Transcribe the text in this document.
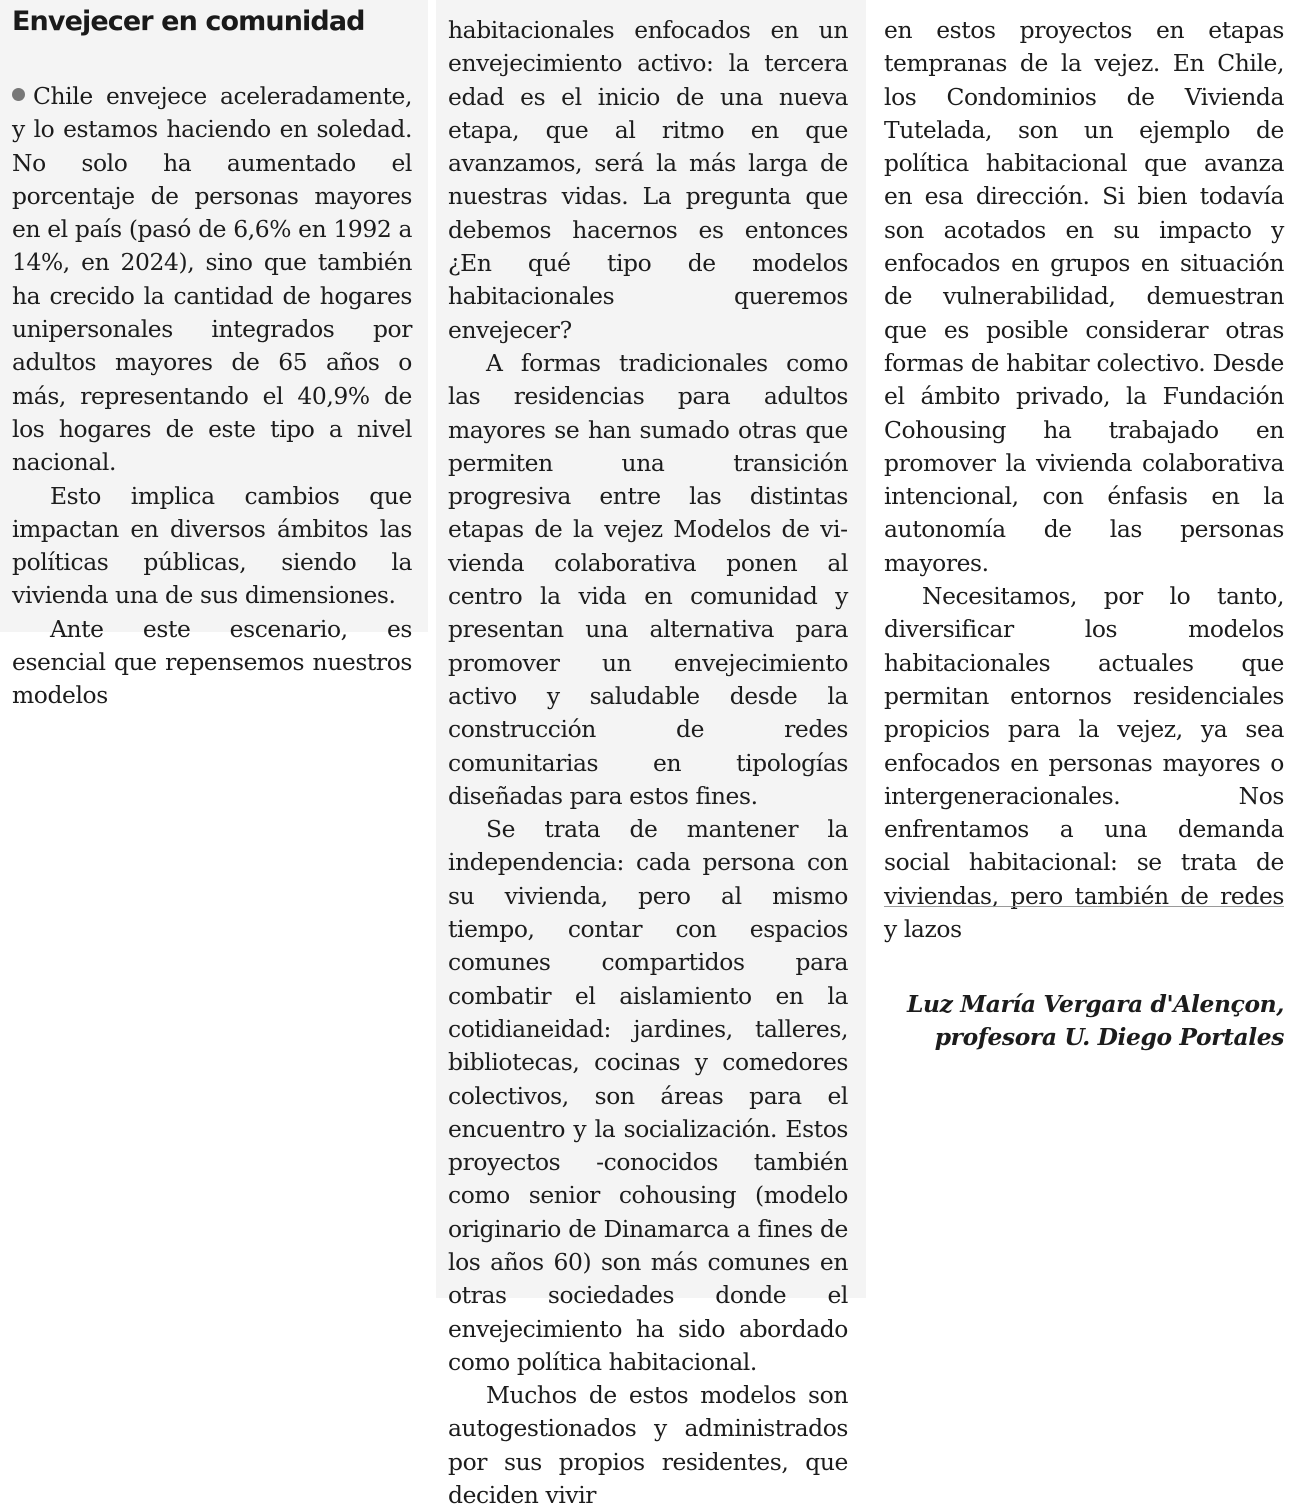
Envejecer en comunidad

Chile envejece aceleradamente, y lo estamos haciendo en soledad. No solo ha aumentado el porcentaje de personas mayores en el país (pasó de 6,6% en 1992 a 14%, en 2024), sino que también ha crecido la cantidad de hogares unipersonales integrados por adultos mayores de 65 años o más, representando el 40,9% de los hogares de este tipo a nivel nacional.

Esto implica cambios que impactan en diversos ámbitos las políticas públicas, siendo la vivienda una de sus dimensiones.

Ante este escenario, es esencial que repensemos nuestros modelos

habitacionales enfocados en un envejecimiento activo: la tercera edad es el inicio de una nueva etapa, que al ritmo en que avanzamos, será la más larga de nuestras vidas. La pregunta que debemos hacernos es entonces ¿En qué tipo de modelos habitacionales queremos envejecer?

A formas tradicionales como las residencias para adultos mayores se han sumado otras que permiten una transición progresiva entre las distintas etapas de la vejez Modelos de vivienda colaborativa ponen al centro la vida en comunidad y presentan una alternativa para promover un envejecimiento activo y saludable desde la construcción de redes comunitarias en tipologías diseñadas para estos fines.

Se trata de mantener la independencia: cada persona con su vivienda, pero al mismo tiempo, contar con espacios comunes compartidos para combatir el aislamiento en la cotidianeidad: jardines, talleres, bibliotecas, cocinas y comedores colectivos, son áreas para el encuentro y la socialización. Estos proyectos -conocidos también como senior cohousing (modelo originario de Dinamarca a fines de los años 60) son más comunes en otras sociedades donde el envejecimiento ha sido abordado como política habitacional.

Muchos de estos modelos son autogestionados y administrados por sus propios residentes, que deciden vivir

en estos proyectos en etapas tempranas de la vejez. En Chile, los Condominios de Vivienda Tutelada, son un ejemplo de política habitacional que avanza en esa dirección. Si bien todavía son acotados en su impacto y enfocados en grupos en situación de vulnerabilidad, demuestran que es posible considerar otras formas de habitar colectivo. Desde el ámbito privado, la Fundación Cohousing ha trabajado en promover la vivienda colaborativa intencional, con énfasis en la autonomía de las personas mayores.

Necesitamos, por lo tanto, diversificar los modelos habitacionales actuales que permitan entornos residenciales propicios para la vejez, ya sea enfocados en personas mayores o intergeneracionales. Nos enfrentamos a una demanda social habitacional: se trata de viviendas, pero también de redes y lazos

Luz María Vergara d'Alençon,
profesora U. Diego Portales
